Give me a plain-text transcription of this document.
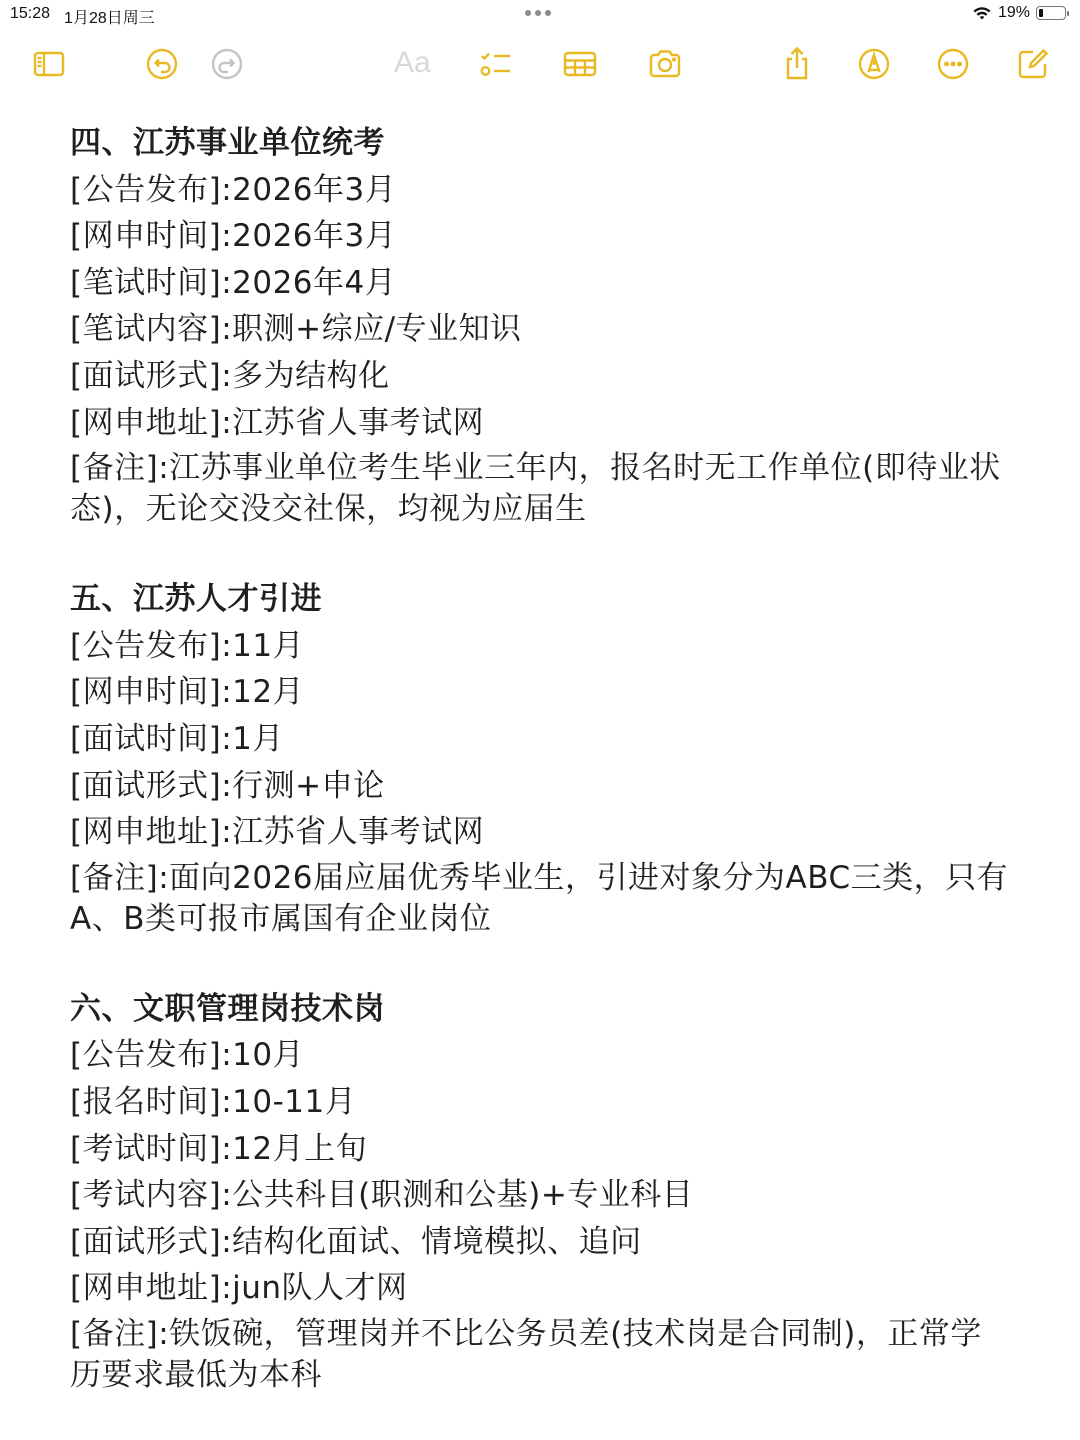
15:28 1月28日周三	19%
Aa

四、江苏事业单位统考

[公告发布]:2026年3月

[网申时间]:2026年3月

[笔试时间]:2026年4月

[笔试内容]:职测+综应/专业知识

[面试形式]:多为结构化

[网申地址]:江苏省人事考试网

[备注]:江苏事业单位考生毕业三年内，报名时无工作单位(即待业状态)，无论交没交社保，均视为应届生

五、江苏人才引进

[公告发布]:11月

[网申时间]:12月

[面试时间]:1月

[面试形式]:行测+申论

[网申地址]:江苏省人事考试网

[备注]:面向2026届应届优秀毕业生，引进对象分为ABC三类，只有A、B类可报市属国有企业岗位

六、文职管理岗技术岗

[公告发布]:10月

[报名时间]:10-11月

[考试时间]:12月上旬

[考试内容]:公共科目(职测和公基)+专业科目

[面试形式]:结构化面试、情境模拟、追问

[网申地址]:jun队人才网

[备注]:铁饭碗，管理岗并不比公务员差(技术岗是合同制)，正常学历要求最低为本科
